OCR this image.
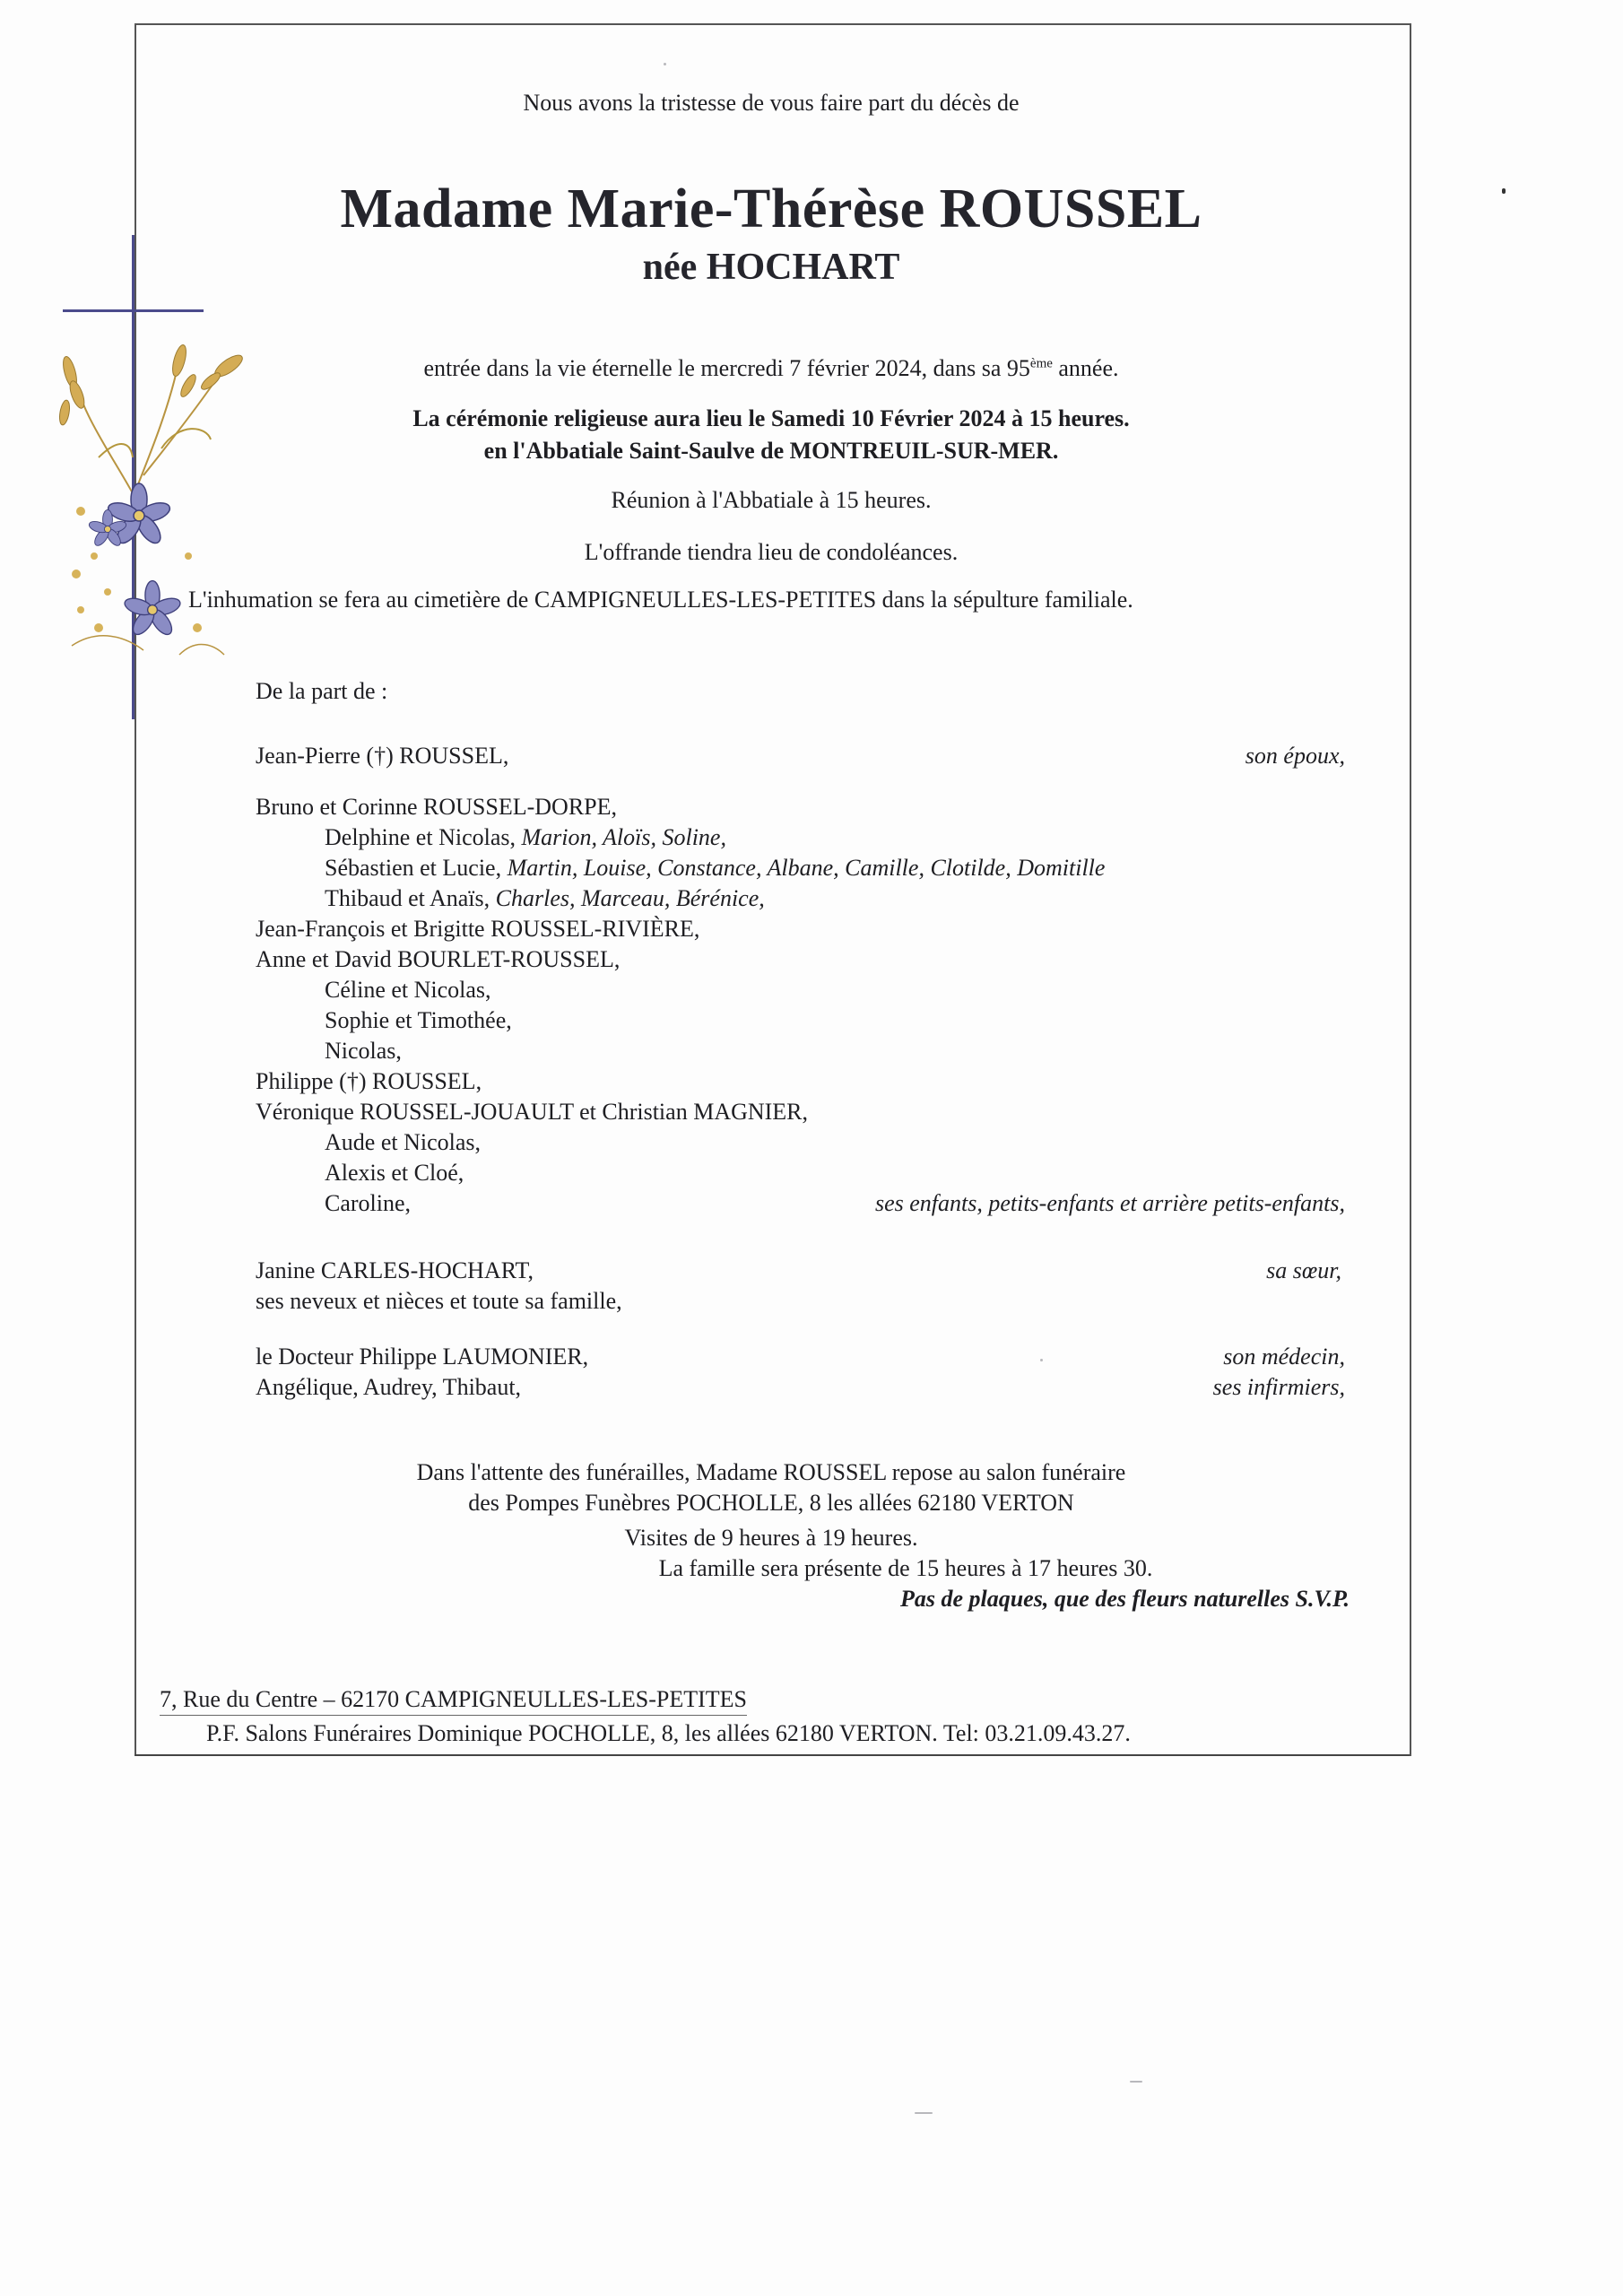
Nous avons la tristesse de vous faire part du décès de
Madame Marie-Thérèse ROUSSEL
née HOCHART
entrée dans la vie éternelle le mercredi 7 février 2024, dans sa 95ème année.
La cérémonie religieuse aura lieu le Samedi 10 Février 2024 à 15 heures.
en l'Abbatiale Saint-Saulve de MONTREUIL-SUR-MER.
Réunion à l'Abbatiale à 15 heures.
L'offrande tiendra lieu de condoléances.
L'inhumation se fera au cimetière de CAMPIGNEULLES-LES-PETITES dans la sépulture familiale.
De la part de :
Jean-Pierre (†) ROUSSEL,	son époux,
Bruno et Corinne ROUSSEL-DORPE,
Delphine et Nicolas, Marion, Aloïs, Soline,
Sébastien et Lucie, Martin, Louise, Constance, Albane, Camille, Clotilde, Domitille
Thibaud et Anaïs, Charles, Marceau, Bérénice,
Jean-François et Brigitte ROUSSEL-RIVIÈRE,
Anne et David BOURLET-ROUSSEL,
Céline et Nicolas,
Sophie et Timothée,
Nicolas,
Philippe (†) ROUSSEL,
Véronique ROUSSEL-JOUAULT et Christian MAGNIER,
Aude et Nicolas,
Alexis et Cloé,
Caroline,	ses enfants, petits-enfants et arrière petits-enfants,
Janine CARLES-HOCHART,	sa sœur,
ses neveux et nièces et toute sa famille,
le Docteur Philippe LAUMONIER,	son médecin,
Angélique, Audrey, Thibaut,	ses infirmiers,
Dans l'attente des funérailles, Madame ROUSSEL repose au salon funéraire
des Pompes Funèbres POCHOLLE, 8 les allées 62180 VERTON
Visites de 9 heures à 19 heures.
La famille sera présente de 15 heures à 17 heures 30.
Pas de plaques, que des fleurs naturelles S.V.P.
7, Rue du Centre – 62170 CAMPIGNEULLES-LES-PETITES
P.F. Salons Funéraires Dominique POCHOLLE, 8, les allées 62180 VERTON. Tel: 03.21.09.43.27.
